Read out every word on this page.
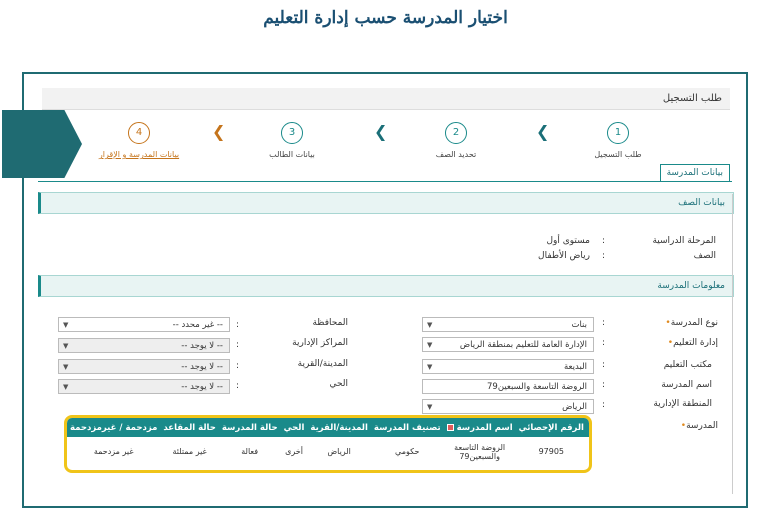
اختيار المدرسة حسب إدارة التعليم
طلب التسجيل
1
طلب التسجيل
❮
2
تحديد الصف
❮
3
بيانات الطالب
❮
4
بيانات المدرسة و الإقرار
بيانات المدرسة
بيانات الصف
المرحلة الدراسية
:
مستوى أول
الصف
:
رياض الأطفال
معلومات المدرسة
نوع المدرسة•
:
بنات
▼
إدارة التعليم•
:
الإدارة العامة للتعليم بمنطقة الرياض
▼
مكتب التعليم
:
البديعة
▼
اسم المدرسة
:
الروضة التاسعة والسبعين79
المنطقة الإدارية
:
الرياض
▼
المدرسة•
المحافظة
:
-- غير محدد --
▼
المراكز الإدارية
:
-- لا يوجد --
▼
المدينة/القرية
:
-- لا يوجد --
▼
الحي
:
-- لا يوجد --
▼
	الرقم الإحصائي	اسم المدرسة	تصنيف المدرسة	المدينة/القرية	الحي	حالة المدرسة	حالة المقاعد	مزدحمة / غيرمزدحمة
	97905	الروضة التاسعة والسبعين79	حكومي	الرياض	أخرى	فعالة	غير ممتلئة	غير مزدحمة
